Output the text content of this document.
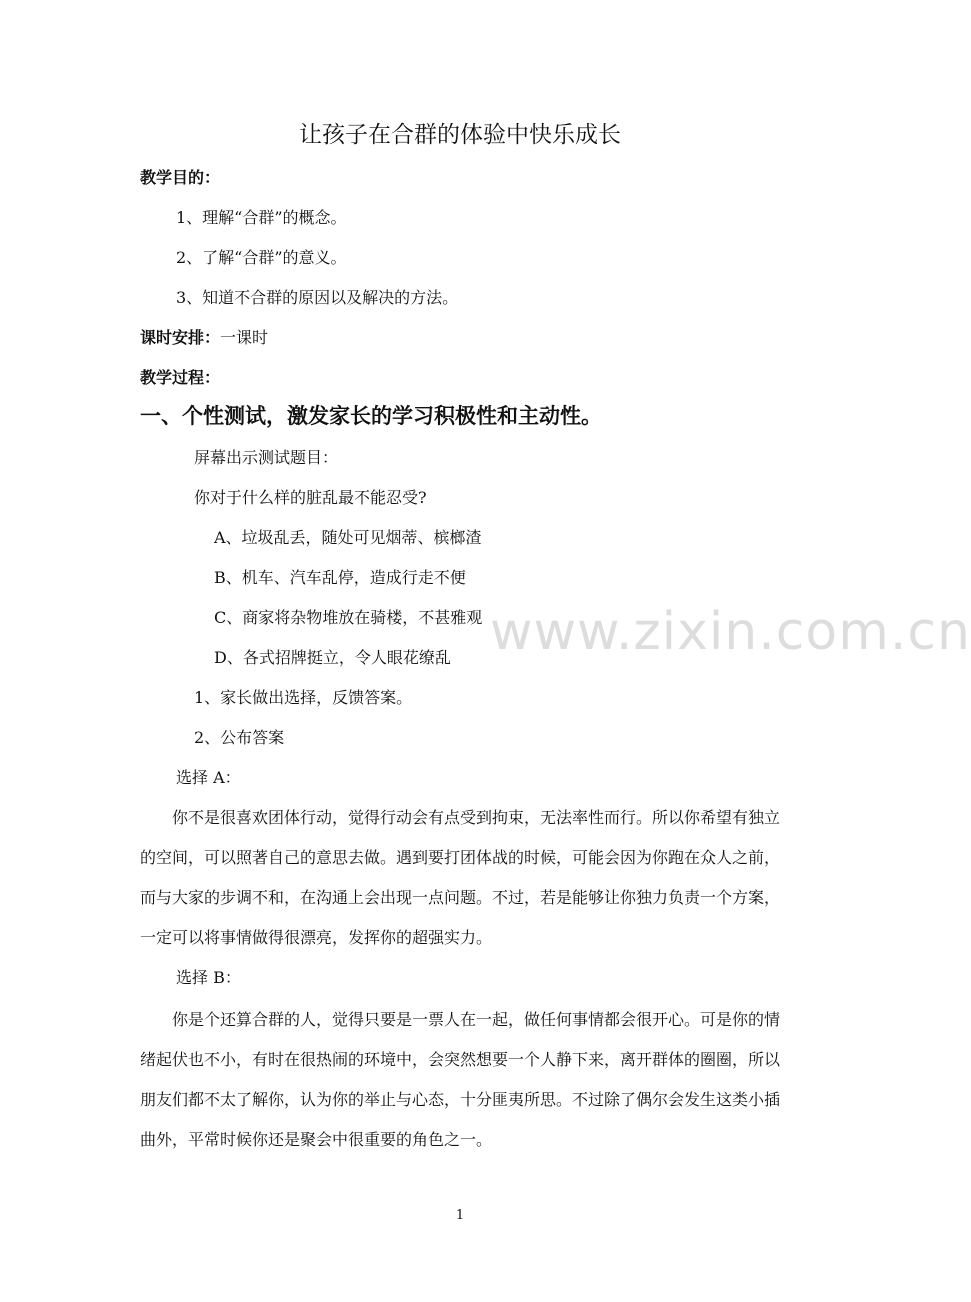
让孩子在合群的体验中快乐成长
教学目的：
1、理解“合群”的概念。
2、了解“合群”的意义。
3、知道不合群的原因以及解决的方法。
课时安排：一课时
教学过程：
一、个性测试，激发家长的学习积极性和主动性。
屏幕出示测试题目：
你对于什么样的脏乱最不能忍受?
A、垃圾乱丢，随处可见烟蒂、槟榔渣
B、机车、汽车乱停，造成行走不便
C、商家将杂物堆放在骑楼，不甚雅观
D、各式招牌挺立，令人眼花缭乱
1、家长做出选择，反馈答案。
2、公布答案
选择 A：
你不是很喜欢团体行动，觉得行动会有点受到拘束，无法率性而行。所以你希望有独立的空间，可以照著自己的意思去做。遇到要打团体战的时候，可能会因为你跑在众人之前，而与大家的步调不和，在沟通上会出现一点问题。不过，若是能够让你独力负责一个方案，一定可以将事情做得很漂亮，发挥你的超强实力。
选择 B：
你是个还算合群的人，觉得只要是一票人在一起，做任何事情都会很开心。可是你的情绪起伏也不小，有时在很热闹的环境中，会突然想要一个人静下来，离开群体的圈圈，所以朋友们都不太了解你，认为你的举止与心态，十分匪夷所思。不过除了偶尔会发生这类小插曲外，平常时候你还是聚会中很重要的角色之一。
www.zixin.com.cn
1
